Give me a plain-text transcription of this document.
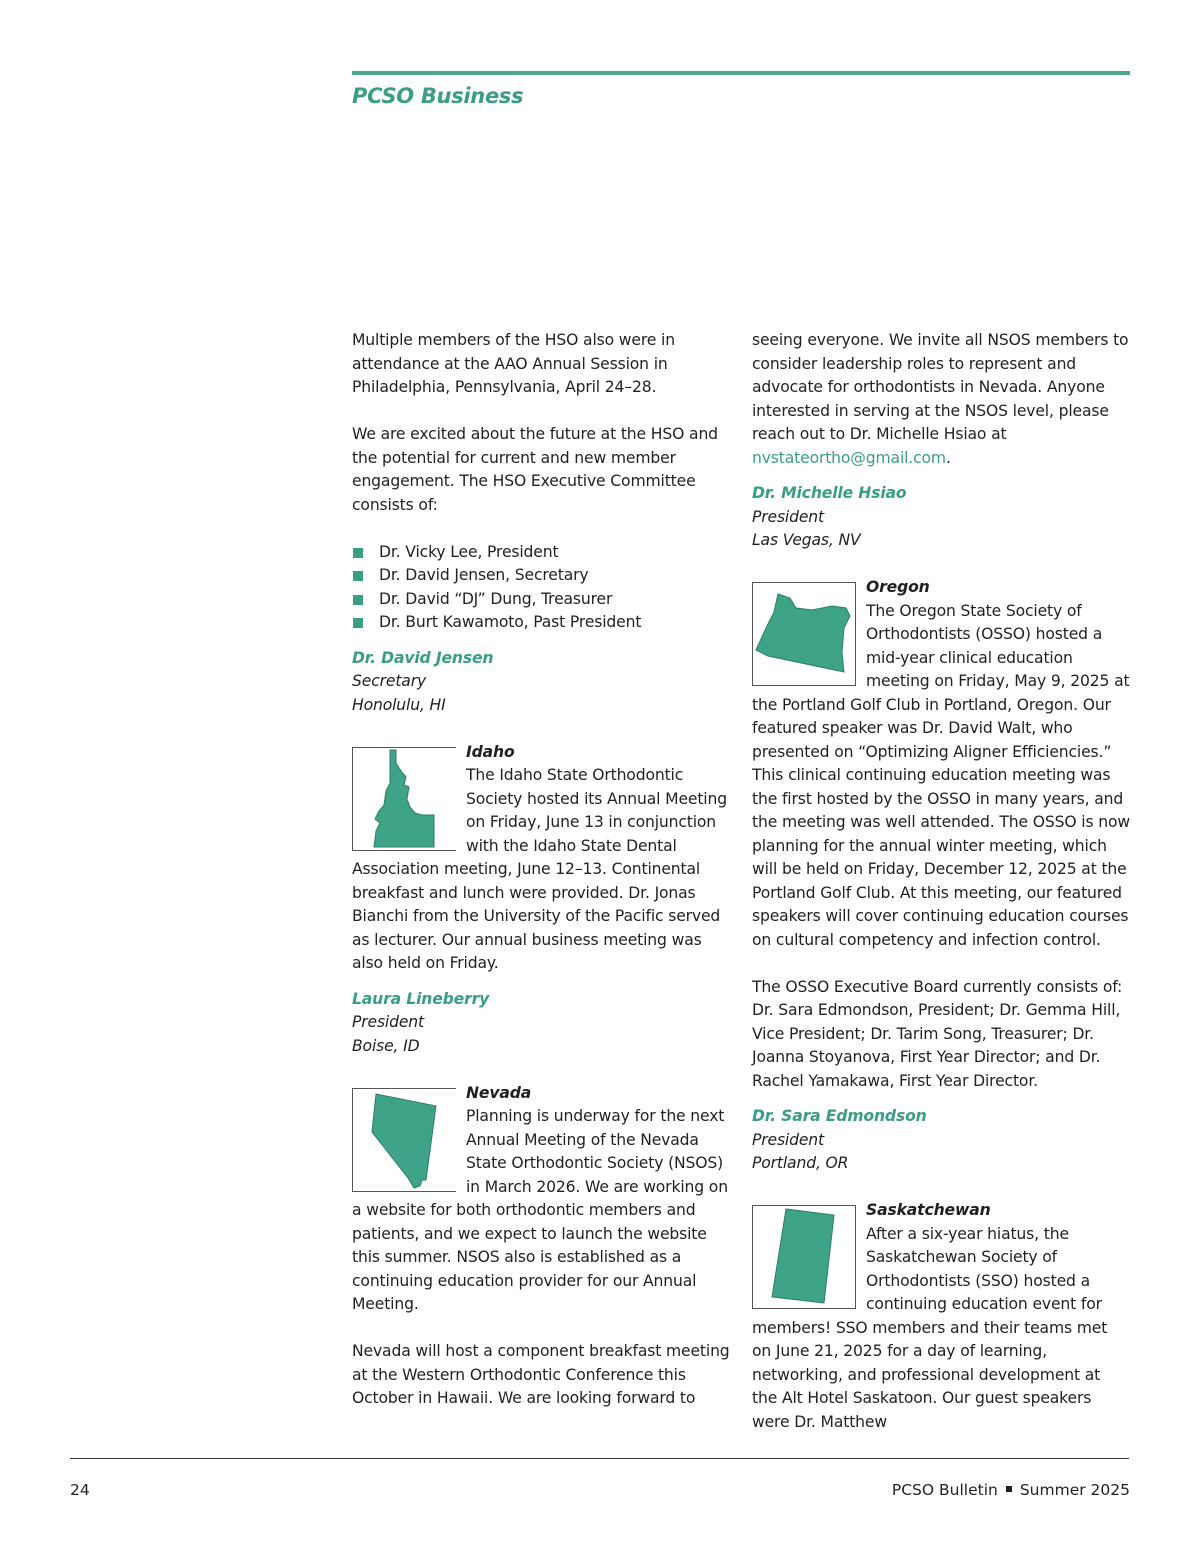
PCSO Business

Multiple members of the HSO also were in attendance at the AAO Annual Session in Philadelphia, Pennsylvania, April 24–28.

We are excited about the future at the HSO and the potential for current and new member engagement. The HSO Executive Committee consists of:

Dr. Vicky Lee, President
Dr. David Jensen, Secretary
Dr. David “DJ” Dung, Treasurer
Dr. Burt Kawamoto, Past President

Dr. David Jensen

Secretary

Honolulu, HI

Idaho
The Idaho State Orthodontic Society hosted its Annual Meeting on Friday, June 13 in conjunction with the Idaho State Dental Association meeting, June 12–13. Continental breakfast and lunch were provided. Dr. Jonas Bianchi from the University of the Pacific served as lecturer. Our annual business meeting was also held on Friday.

Laura Lineberry

President

Boise, ID

Nevada
Planning is underway for the next Annual Meeting of the Nevada State Orthodontic Society (NSOS) in March 2026. We are working on a website for both orthodontic members and patients, and we expect to launch the website this summer. NSOS also is established as a continuing education provider for our Annual Meeting.

Nevada will host a component breakfast meeting at the Western Orthodontic Conference this October in Hawaii. We are looking forward to

seeing everyone. We invite all NSOS members to consider leadership roles to represent and advocate for orthodontists in Nevada. Anyone interested in serving at the NSOS level, please reach out to Dr. Michelle Hsiao at nvstateortho@gmail.com.

Dr. Michelle Hsiao

President

Las Vegas, NV

Oregon
The Oregon State Society of Orthodontists (OSSO) hosted a mid-year clinical education meeting on Friday, May 9, 2025 at the Portland Golf Club in Portland, Oregon. Our featured speaker was Dr. David Walt, who presented on “Optimizing Aligner Efficiencies.” This clinical continuing education meeting was the first hosted by the OSSO in many years, and the meeting was well attended. The OSSO is now planning for the annual winter meeting, which will be held on Friday, December 12, 2025 at the Portland Golf Club. At this meeting, our featured speakers will cover continuing education courses on cultural competency and infection control.

The OSSO Executive Board currently consists of: Dr. Sara Edmondson, President; Dr. Gemma Hill, Vice President; Dr. Tarim Song, Treasurer; Dr. Joanna Stoyanova, First Year Director; and Dr. Rachel Yamakawa, First Year Director.

Dr. Sara Edmondson

President

Portland, OR

Saskatchewan
After a six-year hiatus, the Saskatchewan Society of Orthodontists (SSO) hosted a continuing education event for members! SSO members and their teams met on June 21, 2025 for a day of learning, networking, and professional development at the Alt Hotel Saskatoon. Our guest speakers were Dr. Matthew

24	PCSO Bulletin Summer 2025
